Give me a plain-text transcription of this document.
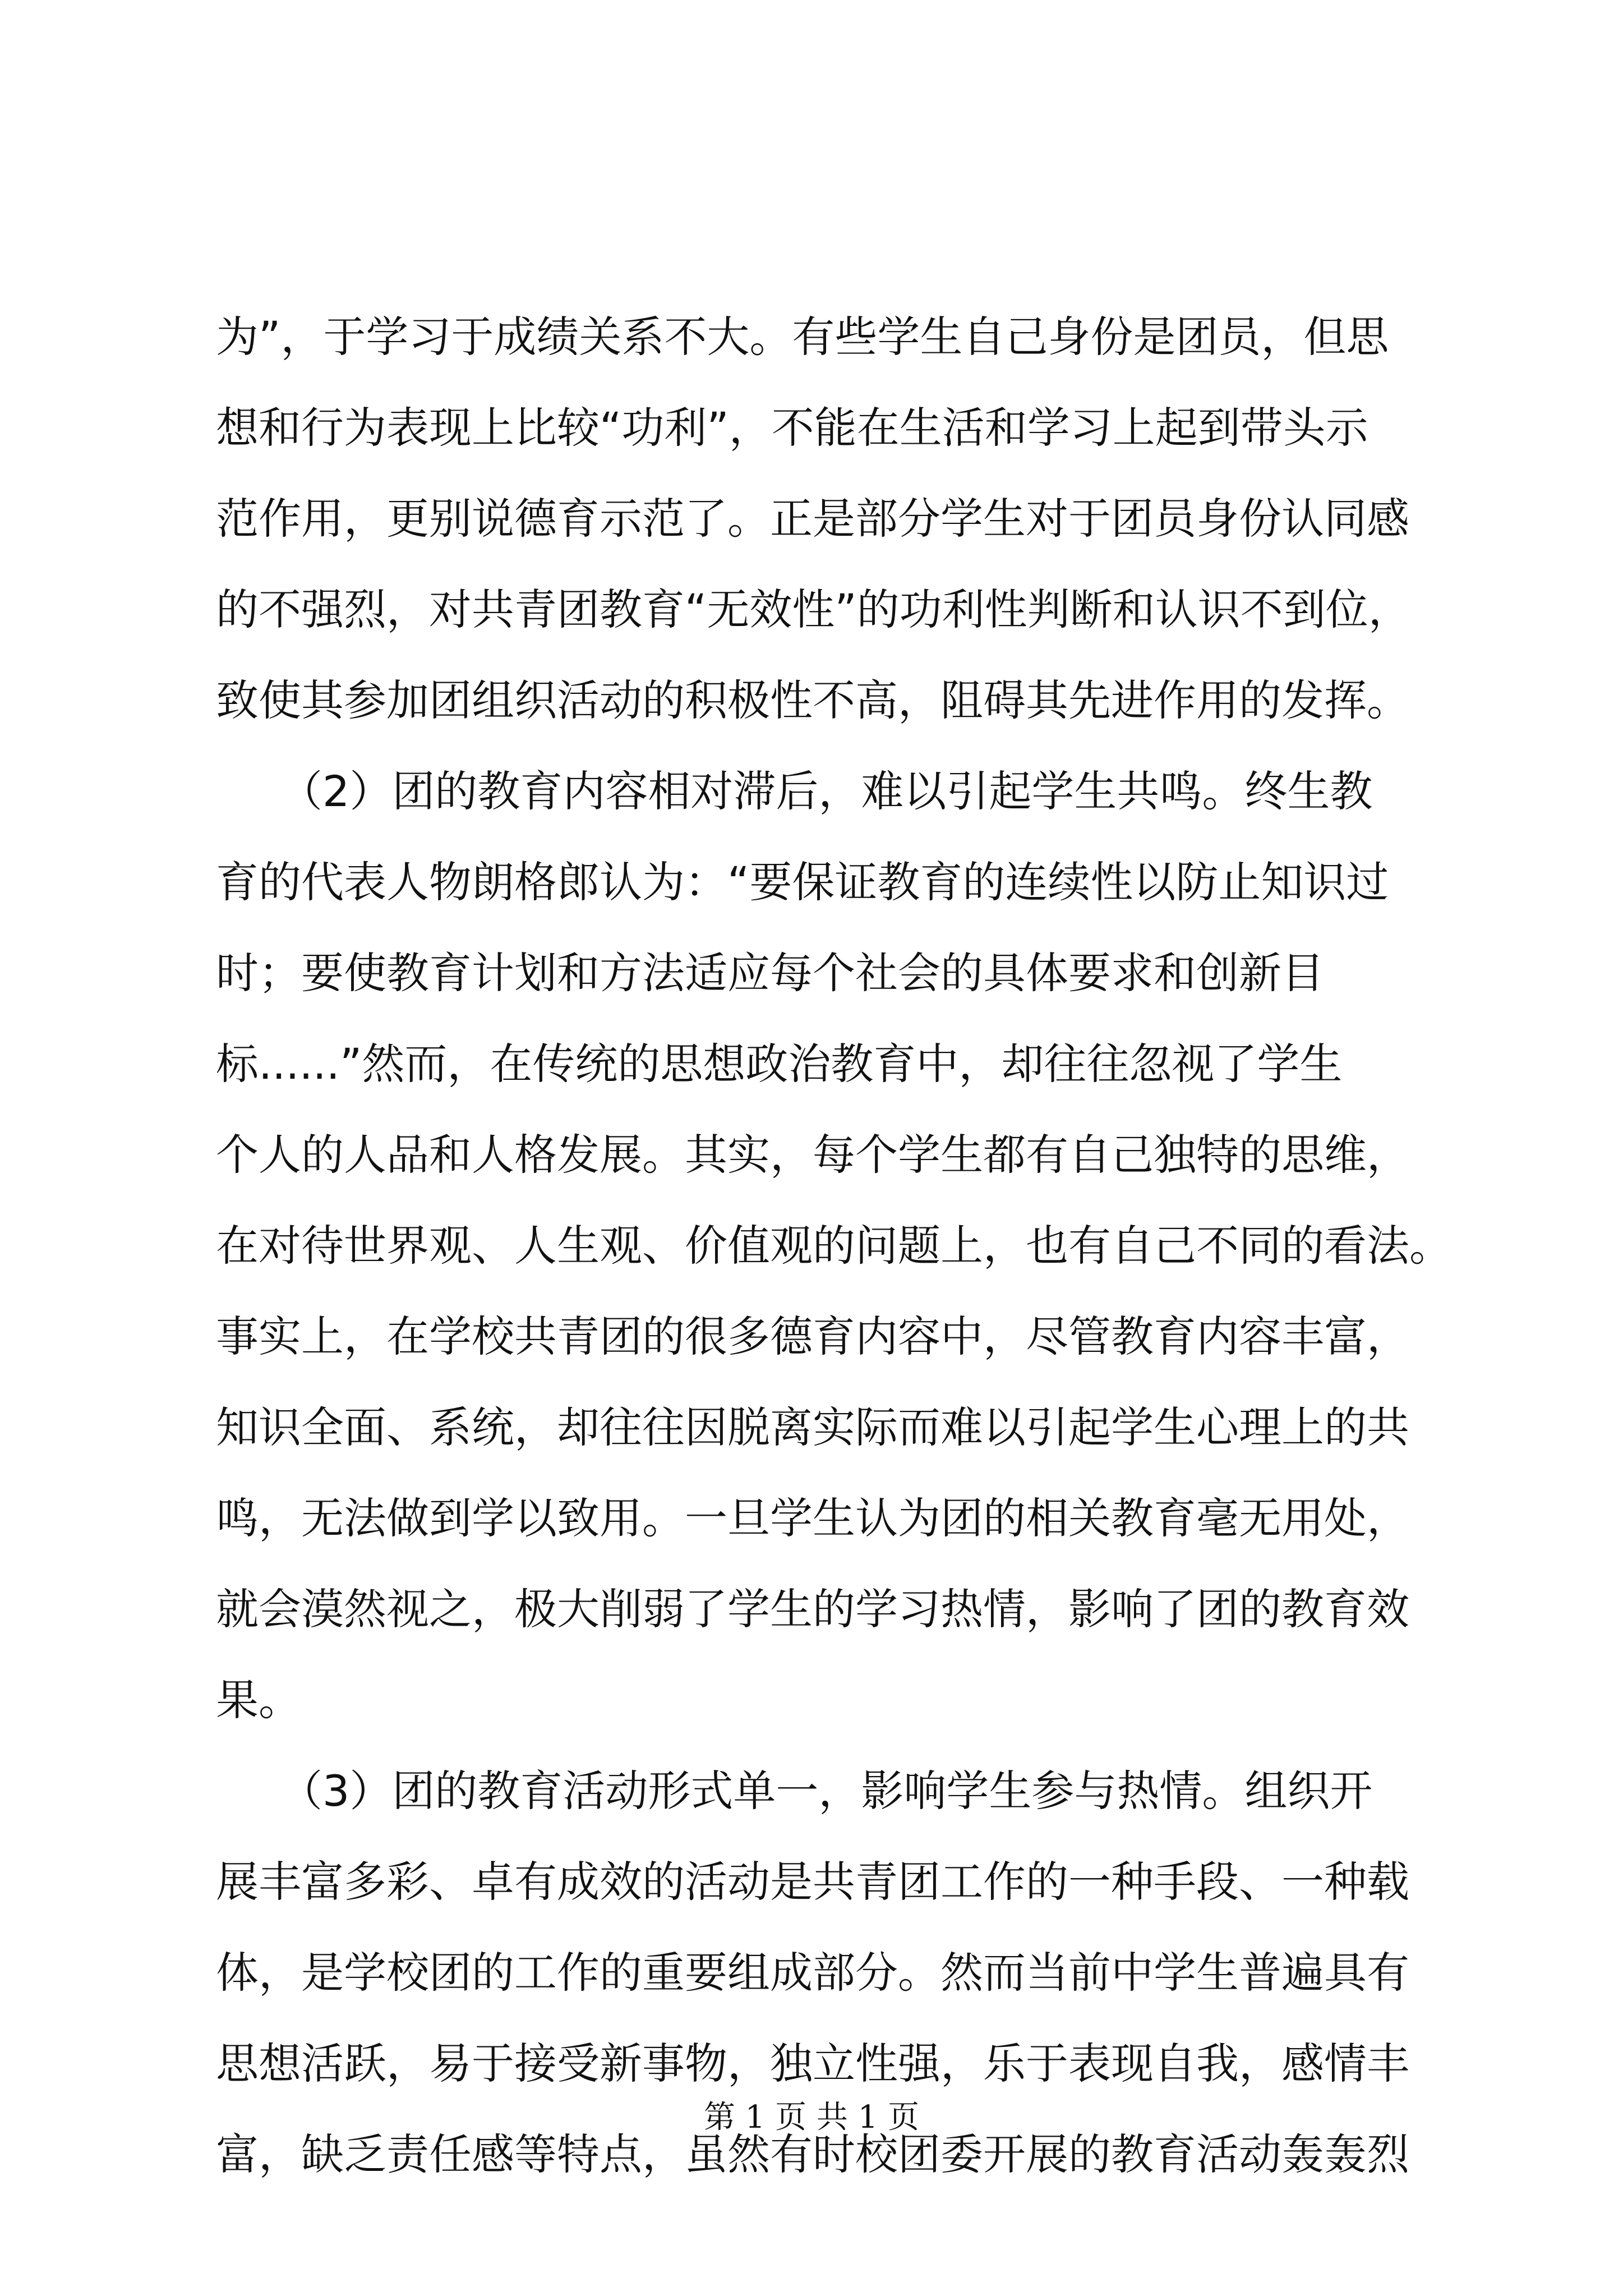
为”，于学习于成绩关系不大。有些学生自己身份是团员，但思
想和行为表现上比较“功利”，不能在生活和学习上起到带头示
范作用，更别说德育示范了。正是部分学生对于团员身份认同感
的不强烈，对共青团教育“无效性”的功利性判断和认识不到位，
致使其参加团组织活动的积极性不高，阻碍其先进作用的发挥。
　　（2）团的教育内容相对滞后，难以引起学生共鸣。终生教
育的代表人物朗格郎认为：“要保证教育的连续性以防止知识过
时；要使教育计划和方法适应每个社会的具体要求和创新目
标......”然而，在传统的思想政治教育中，却往往忽视了学生
个人的人品和人格发展。其实，每个学生都有自己独特的思维，
在对待世界观、人生观、价值观的问题上，也有自己不同的看法。
事实上，在学校共青团的很多德育内容中，尽管教育内容丰富，
知识全面、系统，却往往因脱离实际而难以引起学生心理上的共
鸣，无法做到学以致用。一旦学生认为团的相关教育毫无用处，
就会漠然视之，极大削弱了学生的学习热情，影响了团的教育效
果。
　　（3）团的教育活动形式单一，影响学生参与热情。组织开
展丰富多彩、卓有成效的活动是共青团工作的一种手段、一种载
体，是学校团的工作的重要组成部分。然而当前中学生普遍具有
思想活跃，易于接受新事物，独立性强，乐于表现自我，感情丰
富，缺乏责任感等特点，虽然有时校团委开展的教育活动轰轰烈
第 1 页 共 1 页
